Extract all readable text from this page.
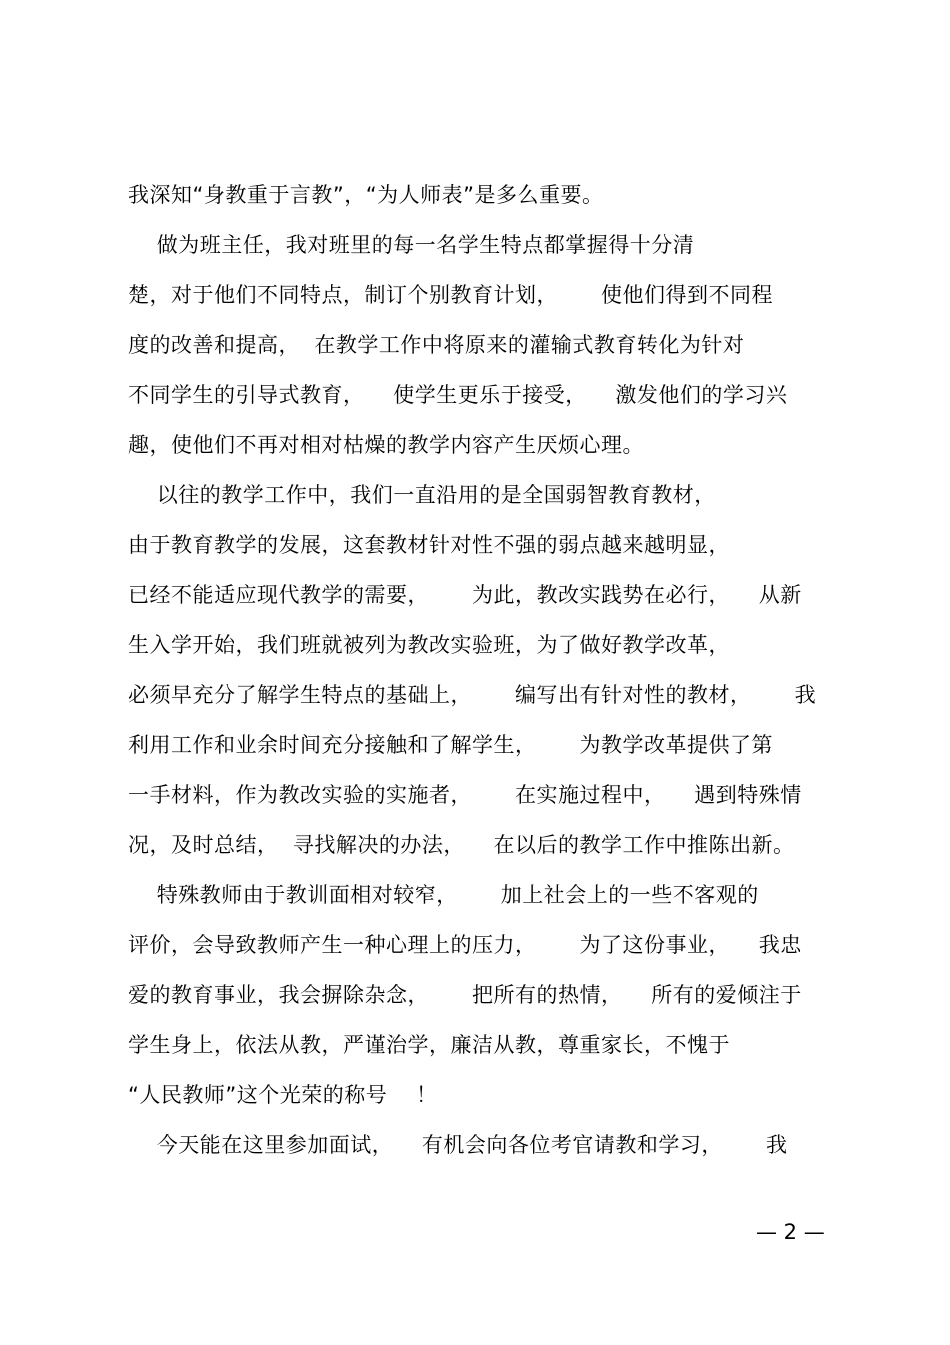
我深知“身教重于言教”，“为人师表”是多么重要。
做为班主任，我对班里的每一名学生特点都掌握得十分清
楚，对于他们不同特点，制订个别教育计划，      使他们得到不同程
度的改善和提高，  在教学工作中将原来的灌输式教育转化为针对
不同学生的引导式教育，    使学生更乐于接受，    激发他们的学习兴
趣，使他们不再对相对枯燥的教学内容产生厌烦心理。
以往的教学工作中，我们一直沿用的是全国弱智教育教材，
由于教育教学的发展，这套教材针对性不强的弱点越来越明显，
已经不能适应现代教学的需要，      为此，教改实践势在必行，    从新
生入学开始，我们班就被列为教改实验班，为了做好教学改革，
必须早充分了解学生特点的基础上，      编写出有针对性的教材，      我
利用工作和业余时间充分接触和了解学生，      为教学改革提供了第
一手材料，作为教改实验的实施者，      在实施过程中，    遇到特殊情
况，及时总结，  寻找解决的办法，    在以后的教学工作中推陈出新。
特殊教师由于教训面相对较窄，      加上社会上的一些不客观的
评价，会导致教师产生一种心理上的压力，      为了这份事业，    我忠
爱的教育事业，我会摒除杂念，      把所有的热情，    所有的爱倾注于
学生身上，依法从教，严谨治学，廉洁从教，尊重家长，不愧于
“人民教师”这个光荣的称号    ！
今天能在这里参加面试，    有机会向各位考官请教和学习，      我
— 2 —
